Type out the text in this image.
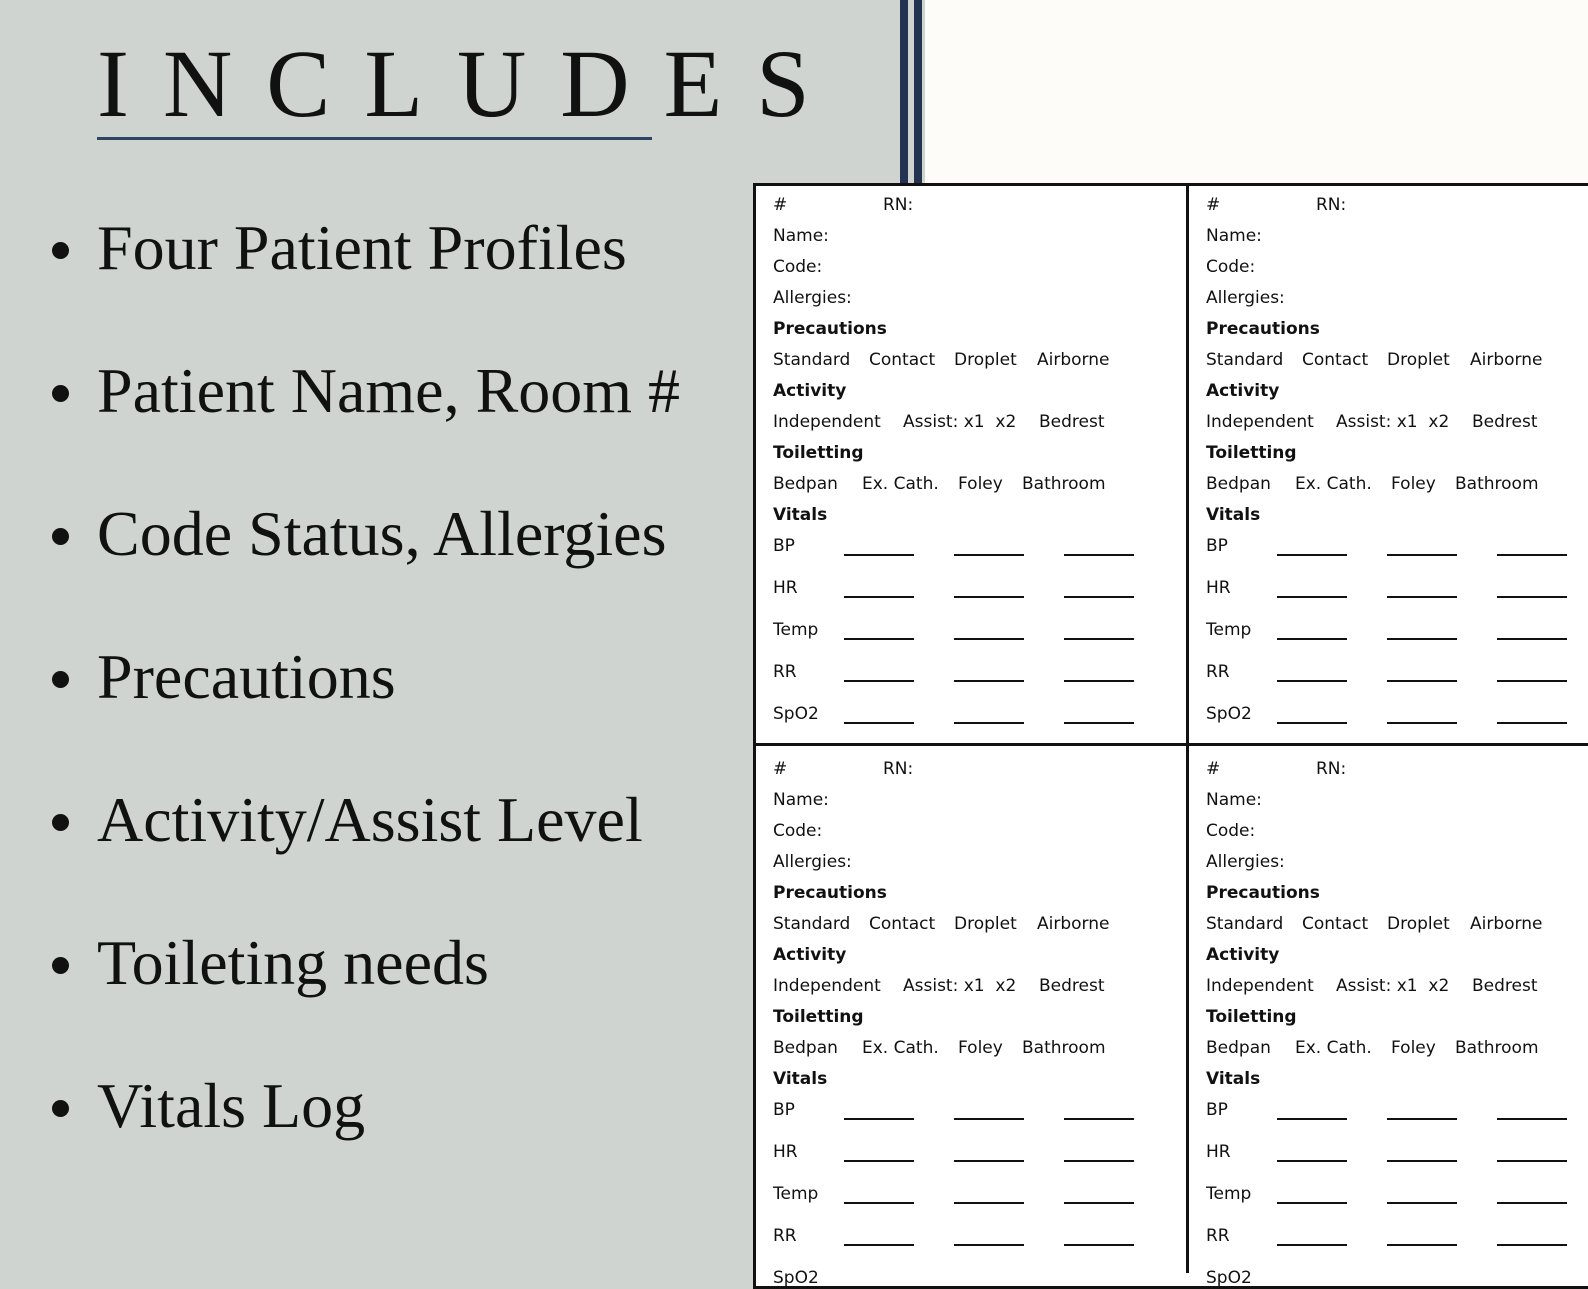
INCLUDES
Four Patient Profiles
Patient Name, Room #
Code Status, Allergies
Precautions
Activity/Assist Level
Toileting needs
Vitals Log
#	RN:
Name:
Code:
Allergies:
Precautions
Standard Contact Droplet Airborne
Activity
Independent Assist: x1  x2 Bedrest
Toiletting
Bedpan Ex. Cath. Foley Bathroom
Vitals
BP
HR
Temp
RR
SpO2
#	RN:
Name:
Code:
Allergies:
Precautions
Standard Contact Droplet Airborne
Activity
Independent Assist: x1  x2 Bedrest
Toiletting
Bedpan Ex. Cath. Foley Bathroom
Vitals
BP
HR
Temp
RR
SpO2
#	RN:
Name:
Code:
Allergies:
Precautions
Standard Contact Droplet Airborne
Activity
Independent Assist: x1  x2 Bedrest
Toiletting
Bedpan Ex. Cath. Foley Bathroom
Vitals
BP
HR
Temp
RR
SpO2
#	RN:
Name:
Code:
Allergies:
Precautions
Standard Contact Droplet Airborne
Activity
Independent Assist: x1  x2 Bedrest
Toiletting
Bedpan Ex. Cath. Foley Bathroom
Vitals
BP
HR
Temp
RR
SpO2
